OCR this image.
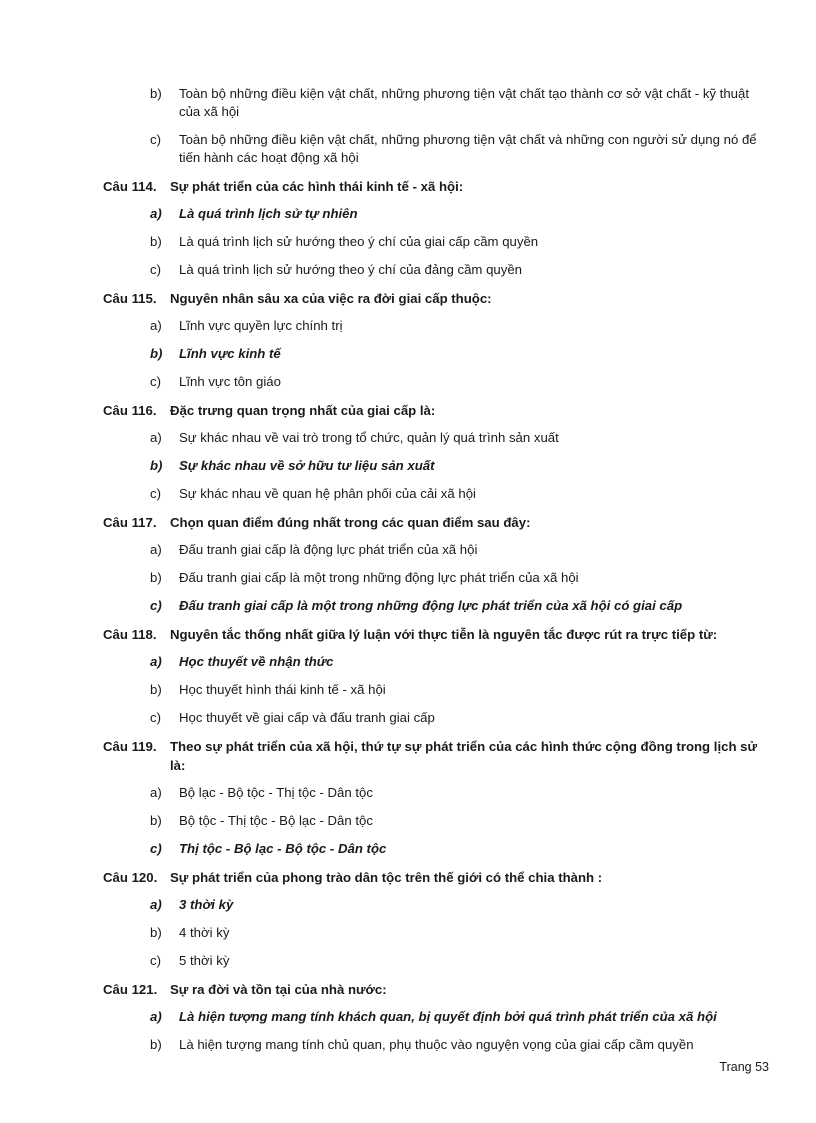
b) Toàn bộ những điều kiện vật chất, những phương tiện vật chất tạo thành cơ sở vật chất - kỹ thuật của xã hội
c) Toàn bộ những điều kiện vật chất, những phương tiện vật chất và những con người sử dụng nó để tiến hành các hoạt động xã hội
Câu 114. Sự phát triển của các hình thái kinh tế - xã hội:
a) Là quá trình lịch sử tự nhiên
b) Là quá trình lịch sử hướng theo ý chí của giai cấp cầm quyền
c) Là quá trình lịch sử hướng theo ý chí của đảng cầm quyền
Câu 115. Nguyên nhân sâu xa của việc ra đời giai cấp thuộc:
a) Lĩnh vực quyền lực chính trị
b) Lĩnh vực kinh tế
c) Lĩnh vực tôn giáo
Câu 116. Đặc trưng quan trọng nhất của giai cấp là:
a) Sự khác nhau về vai trò trong tổ chức, quản lý quá trình sản xuất
b) Sự khác nhau về sở hữu tư liệu sản xuất
c) Sự khác nhau về quan hệ phân phối của cải xã hội
Câu 117. Chọn quan điểm đúng nhất trong các quan điểm sau đây:
a) Đấu tranh giai cấp là động lực phát triển của xã hội
b) Đấu tranh giai cấp là một trong những động lực phát triển của xã hội
c) Đấu tranh giai cấp là một trong những động lực phát triển của xã hội có giai cấp
Câu 118. Nguyên tắc thống nhất giữa lý luận với thực tiễn là nguyên tắc được rút ra trực tiếp từ:
a) Học thuyết về nhận thức
b) Học thuyết hình thái kinh tế - xã hội
c) Học thuyết về giai cấp và đấu tranh giai cấp
Câu 119. Theo sự phát triển của xã hội, thứ tự sự phát triển của các hình thức cộng đồng trong lịch sử là:
a) Bộ lạc - Bộ tộc - Thị tộc - Dân tộc
b) Bộ tộc - Thị tộc - Bộ lạc - Dân tộc
c) Thị tộc - Bộ lạc - Bộ tộc - Dân tộc
Câu 120. Sự phát triển của phong trào dân tộc trên thế giới có thể chia thành :
a) 3 thời kỳ
b) 4 thời kỳ
c) 5 thời kỳ
Câu 121. Sự ra đời và tồn tại của nhà nước:
a) Là hiện tượng mang tính khách quan, bị quyết định bởi quá trình phát triển của xã hội
b) Là hiện tượng mang tính chủ quan, phụ thuộc vào nguyện vọng của giai cấp cầm quyền
Trang 53
